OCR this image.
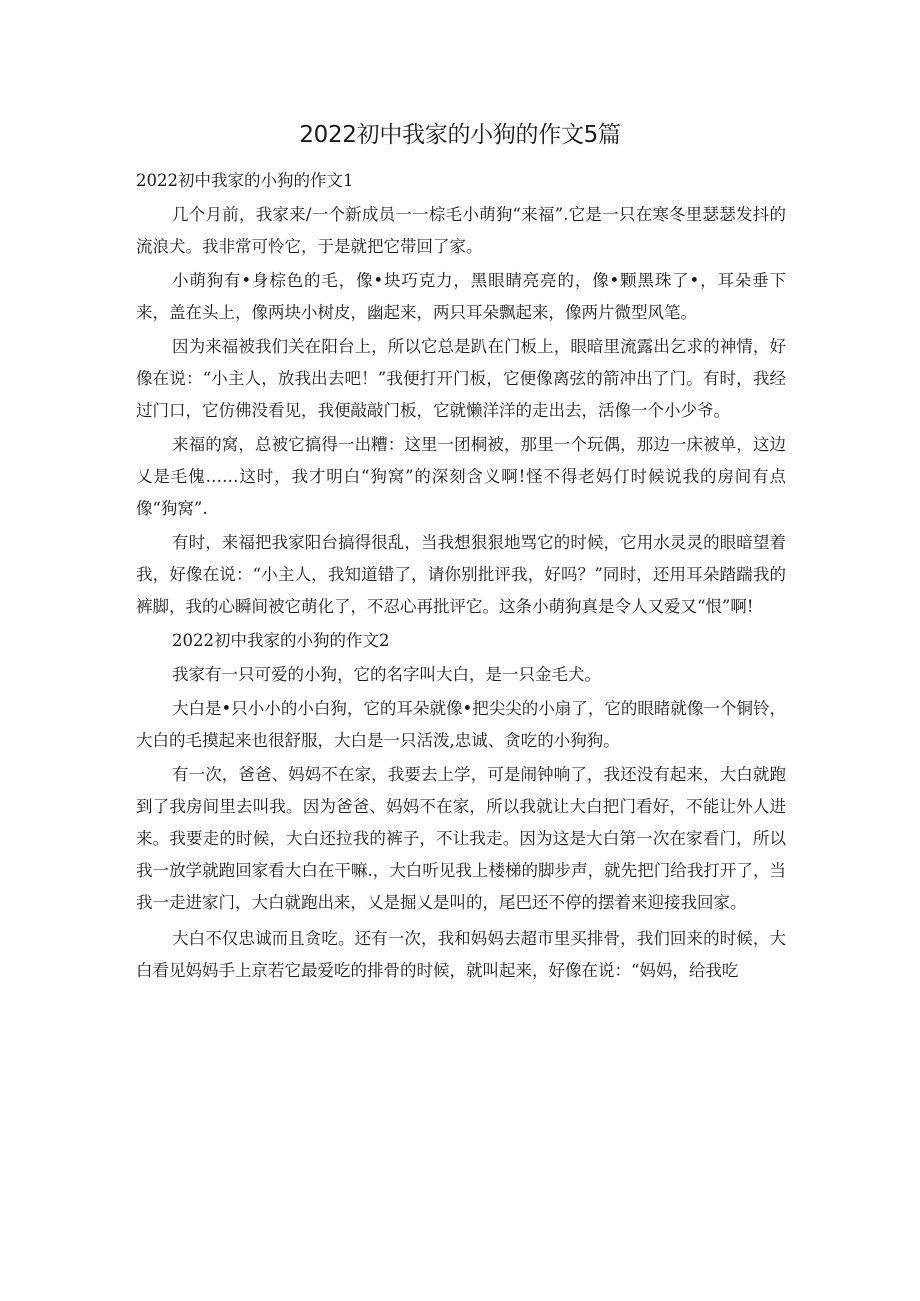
2022初中我家的小狗的作文5篇

2022初中我家的小狗的作文1

几个月前，我家来/一个新成员一一棕毛小萌狗“来福”.它是一只在寒冬里瑟瑟发抖的流浪犬。我非常可怜它，于是就把它带回了家。

小萌狗有•身棕色的毛，像•块巧克力，黑眼睛亮亮的，像•颗黑珠了•，耳朵垂下来，盖在头上，像两块小树皮，幽起来，两只耳朵飘起来，像两片微型风笔。

因为来福被我们关在阳台上，所以它总是趴在门板上，眼暗里流露出乞求的神情，好像在说：“小主人，放我出去吧！”我便打开门板，它便像离弦的箭冲出了门。有时，我经过门口，它仿佛没看见，我便敲敲门板，它就懒洋洋的走出去，活像一个小少爷。

来福的窝，总被它搞得一出糟：这里一团桐被，那里一个玩偶，那边一床被单，这边乂是毛傀……这时，我才明白“狗窝”的深刻含义啊!怪不得老妈仃时候说我的房间有点像“狗窝”.

有时，来福把我家阳台搞得很乱，当我想狠狠地骂它的时候，它用水灵灵的眼暗望着我，好像在说：“小主人，我知道错了，请你别批评我，好吗？”同时，还用耳朵踏踹我的裤脚，我的心瞬间被它萌化了，不忍心再批评它。这条小萌狗真是令人又爱又“恨”啊!

2022初中我家的小狗的作文2

我家有一只可爱的小狗，它的名字叫大白，是一只金毛犬。

大白是•只小小的小白狗，它的耳朵就像•把尖尖的小扇了，它的眼睹就像一个铜铃，大白的毛摸起来也很舒服，大白是一只活泼,忠诚、贪吃的小狗狗。

有一次，爸爸、妈妈不在家，我要去上学，可是闹钟响了，我还没有起来，大白就跑到了我房间里去叫我。因为爸爸、妈妈不在家，所以我就让大白把门看好，不能让外人进来。我要走的时候，大白还拉我的裤子，不让我走。因为这是大白第一次在家看门，所以我一放学就跑回家看大白在干嘛.，大白听见我上楼梯的脚步声，就先把门给我打开了，当我一走进家门，大白就跑出来，乂是掘乂是叫的，尾巴还不停的摆着来迎接我回家。

大白不仅忠诚而且贪吃。还有一次，我和妈妈去超市里买排骨，我们回来的时候，大白看见妈妈手上京若它最爱吃的排骨的时候，就叫起来，好像在说：“妈妈，给我吃
